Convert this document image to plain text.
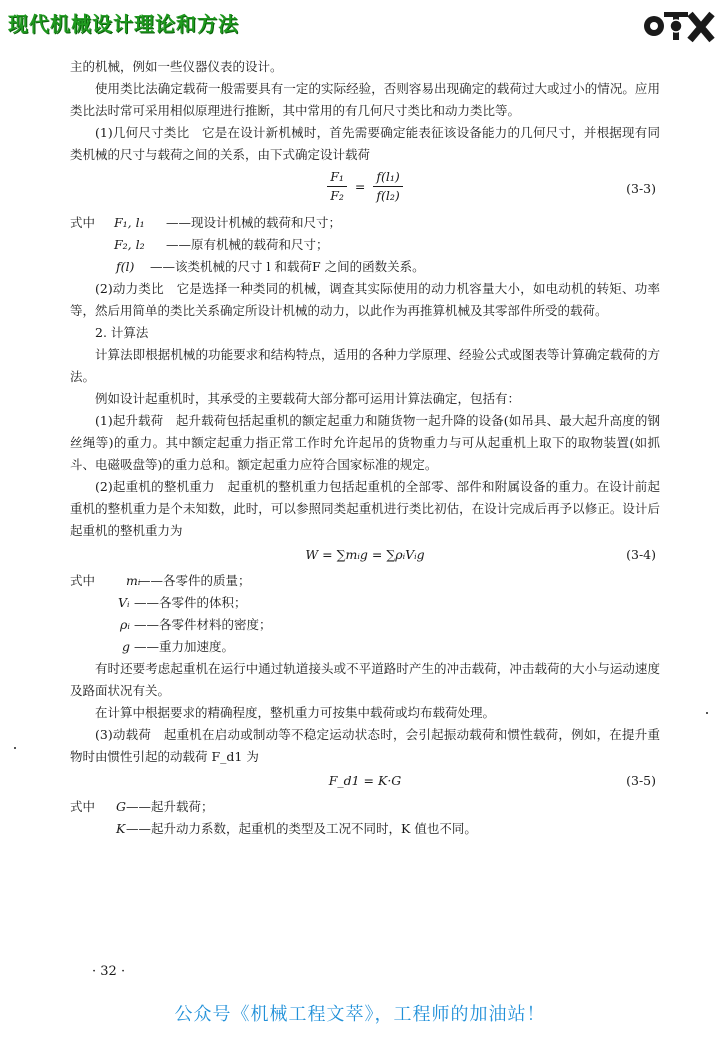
现代机械设计理论和方法

主的机械，例如一些仪器仪表的设计。

使用类比法确定载荷一般需要具有一定的实际经验，否则容易出现确定的载荷过大或过小的情况。应用类比法时常可采用相似原理进行推断，其中常用的有几何尺寸类比和动力类比等。

(1)几何尺寸类比　它是在设计新机械时，首先需要确定能表征该设备能力的几何尺寸，并根据现有同类机械的尺寸与载荷之间的关系，由下式确定设计载荷

$\frac{\text{F₁}}{\text{F₂}} = \frac{\text{f(l₁)}}{\text{f(l₂)}}$	(3-3)
式中 F₁, l₁ ——现设计机械的载荷和尺寸；
F₂, l₂ ——原有机械的载荷和尺寸；
f(l) ——该类机械的尺寸 l 和载荷F 之间的函数关系。

(2)动力类比　它是选择一种类同的机械，调查其实际使用的动力机容量大小，如电动机的转矩、功率等，然后用简单的类比关系确定所设计机械的动力，以此作为再推算机械及其零部件所受的载荷。

2. 计算法

计算法即根据机械的功能要求和结构特点，适用的各种力学原理、经验公式或图表等计算确定载荷的方法。

例如设计起重机时，其承受的主要载荷大部分都可运用计算法确定，包括有：

(1)起升载荷　起升载荷包括起重机的额定起重力和随货物一起升降的设备(如吊具、最大起升高度的钢丝绳等)的重力。其中额定起重力指正常工作时允许起吊的货物重力与可从起重机上取下的取物装置(如抓斗、电磁吸盘等)的重力总和。额定起重力应符合国家标准的规定。

(2)起重机的整机重力　起重机的整机重力包括起重机的全部零、部件和附属设备的重力。在设计前起重机的整机重力是个未知数，此时，可以参照同类起重机进行类比初估，在设计完成后再予以修正。设计后起重机的整机重力为

W = ∑mᵢg = ∑ρᵢVᵢg	(3-4)
式中 mᵢ
——各零件的质量；
Vᵢ ——各零件的体积；
ρᵢ ——各零件材料的密度；
g ——重力加速度。

有时还要考虑起重机在运行中通过轨道接头或不平道路时产生的冲击载荷，冲击载荷的大小与运动速度及路面状况有关。

在计算中根据要求的精确程度，整机重力可按集中载荷或均布载荷处理。

(3)动载荷　起重机在启动或制动等不稳定运动状态时，会引起振动载荷和惯性载荷，例如，在提升重物时由惯性引起的动载荷 F_d1 为

F_d1 = K·G	(3-5)
式中 G ——起升载荷；
K ——起升动力系数，起重机的类型及工况不同时，K 值也不同。
· 32 ·
公众号《机械工程文萃》，工程师的加油站！
